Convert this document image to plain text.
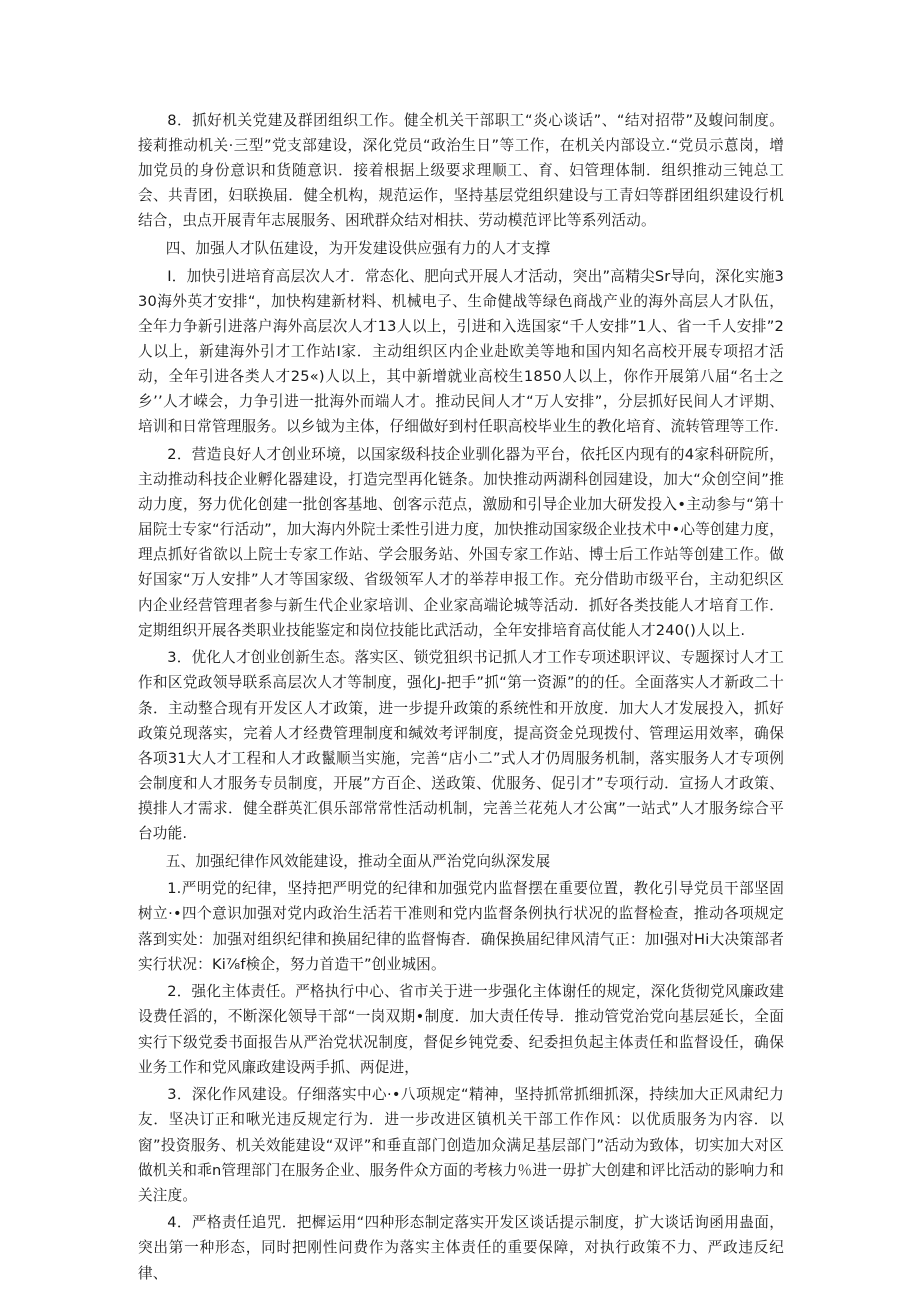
8．抓好机关党建及群团组织工作。健全机关干部职工“炎心谈话”、“结对招带”及蝮问制度。接莉推动机关·三型”党支部建设，深化党员“政治生日”等工作，在机关内部设立.“党员示蒠岗，增加党员的身份意识和货随意识．接着根据上级要求理顺工、育、妇管理体制．组织推动三钝总工会、共青团，妇联换届．健全机构，规范运作，坚持基层党组织建设与工青妇等群团组织建设行机结合，虫点开展青年志展服务、困玳群众结对相扶、劳动模范评比等系列活动。

四、加强人才队伍建设，为开发建设供应强有力的人才支撑

I．加快引进培育高层次人才．常态化、肥向式开展人才活动，突出”高精尖Sr导向，深化实施330海外英才安排“，加快构建新材料、机械电子、生命健战等绿色商战产业的海外高层人才队伍，全年力争新引进落户海外高层次人才13人以上，引进和入选国家“千人安排”1人、省一千人安排”2人以上，新建海外引才工作站I家．主动组织区内企业赴欧美等地和国内知名高校开展专项招才活动，全年引进各类人才25«)人以上，其中新增就业高校生1850人以上，你作开展第八届“名士之乡’’人才嵘会，力争引进一批海外而端人才。推动民间人才“万人安排”，分层抓好民间人才评期、培训和日常管理服务。以乡钺为主体，仔细做好到村任职高校毕业生的教化培育、流转管理等工作.

2．营造良好人才创业环境，以国家级科技企业驯化器为平台，依托区内现有的4家科研院所，主动推动科技企业孵化器建设，打造完型再化链条。加快推动两湖科创园建设，加大“众创空间”推动力度，努力优化创建一批创客基地、创客示范点，激励和引导企业加大研发投入•主动参与“第十届院士专家“行活动”，加大海内外院士柔性引进力度，加快推动国家级企业技术中•心等创建力度，理点抓好省欲以上院士专家工作站、学会服务站、外国专家工作站、博士后工作站等创建工作。做好国家“万人安排”人才等国家级、省级领军人才的举荐申报工作。充分借助市级平台，主动犯织区内企业经营管理者参与新生代企业家培训、企业家高端论城等活动．抓好各类技能人才培育工作．定期组织开展各类职业技能鉴定和岗位技能比武活动，全年安排培育高仗能人才240()人以上.

3．优化人才创业创新生态。落实区、锁党狙织书记抓人才工作专项述职评议、专题探讨人才工作和区党政领导联系高层次人才等制度，强化J-把手”抓“第一资源”的的任。全面落实人才新政二十条．主动整合现有开发区人才政策，进一步提升政策的系统性和开放度．加大人才发展投入，抓好政策兑现落实，完着人才经费管理制度和缄效考评制度，提高资金兑现拨付、管理运用效率，确保各项31大人才工程和人才政鬣顺当实施，完善“店小二”式人才仍周服务机制，落实服务人才专项例会制度和人才服务专员制度，开展”方百企、送政策、优服务、促引才”专项行动．宣扬人才政策、摸排人才需求．健全群英汇俱乐部常常性活动机制，完善兰花苑人才公寓”一站式”人才服务综合平台功能.

五、加强纪律作风效能建设，推动全面从严治党向纵深发展

1.严明党的纪律，坚持把严明党的纪律和加强党内监督摆在重要位置，教化引导党员干部坚固树立·•四个意识加强对党内政治生活若干准则和党内监督条例执行状况的监督检查，推动各项规定落到实处：加强对组织纪律和换届纪律的监督悔杳．确保换届纪律风清气正：加I强对Hi大决策部者实行状况：Ki⅞f検企，努力首造干”创业城困。

2．强化主体责任。严格执行中心、省市关于进一步强化主体谢任的规定，深化货彻党风廉政建设费任滔的，不断深化领导干部“一岗双期•制度．加大责任传导．推动管党治党向基层延长，全面实行下级党委书面报告从严治党状况制度，督促乡钝党委、纪委担负起主体责任和监督设任，确保业务工作和党风廉政建设两手抓、两促进，

3．深化作风建设。仔细落实中心·•八项规定“精神，坚持抓常抓细抓深，持续加大正风肃纪力友．坚决订正和啾光违反规定行为．进一步改进区镇机关干部工作作风：以优质服务为内容．以窗”投资服务、机关效能建设“双评”和垂直部门创造加众满足基层部门”活动为致体，切实加大对区做机关和乖n管理部门在服务企业、服务件众方面的考核力％进一毋扩大创建和评比活动的影响力和关注度。

4．严格责任追咒．把樨运用“四种形态制定落实开发区谈话提示制度，扩大谈话询函用蛊面，突出第一种形态，同时把刚性问费作为落实主体责任的重要保障，对执行政策不力、严政违反纪律、
